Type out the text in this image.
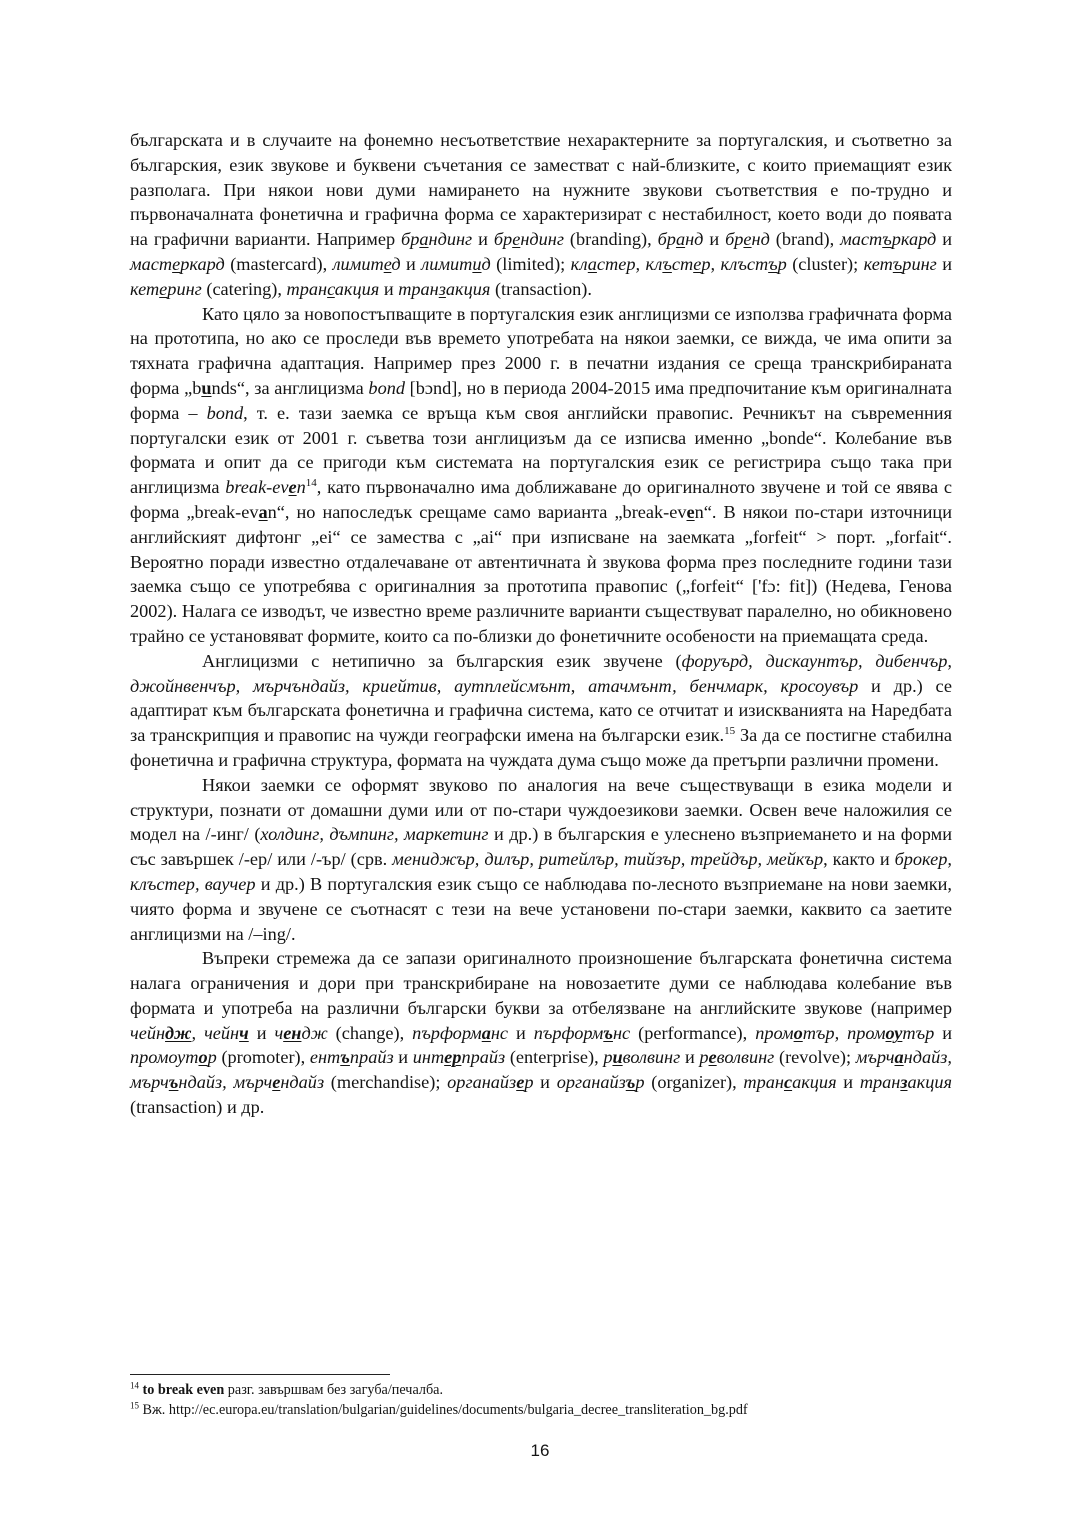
българската и в случаите на фонемно несъответствие нехарактерните за португалския, и съответно за българския, език звукове и буквени съчетания се заместват с най-близките, с които приемащият език разполага. При някои нови думи намирането на нужните звукови съответствия е по-трудно и първоначалната фонетична и графична форма се характеризират с нестабилност, което води до появата на графични варианти. Например брандинг и брендинг (branding), бранд и бренд (brand), мастъркард и мастеркард (mastercard), лимитед и лимитид (limited); кластер, клъстер, клъстър (cluster); кетъринг и кетеринг (catering), трансакция и транзакция (transaction).

Като цяло за новопостъпващите в португалския език англицизми се използва графичната форма на прототипа, но ако се проследи във времето употребата на някои заемки, се вижда, че има опити за тяхната графична адаптация. Например през 2000 г. в печатни издания се среща транскрибираната форма „bunds“, за англицизма bond [bɔnd], но в периода 2004-2015 има предпочитание към оригиналната форма – bond, т. е. тази заемка се връща към своя английски правопис. Речникът на съвременния португалски език от 2001 г. съветва този англицизъм да се изписва именно „bonde“. Колебание във формата и опит да се пригоди към системата на португалския език се регистрира също така при англицизма break-even$^{14}$, като първоначално има доближаване до оригиналното звучене и той се явява с форма „break-evan“, но напоследък срещаме само варианта „break-even“. В някои по-стари източници английският дифтонг „ei“ се замества с „ai“ при изписване на заемката „forfeit“ > порт. „forfait“. Вероятно поради известно отдалечаване от автентичната ѝ звукова форма през последните години тази заемка също се употребява с оригиналния за прототипа правопис („forfeit“ ['fɔ: fit]) (Недева, Генова 2002). Налага се изводът, че известно време различните варианти съществуват паралелно, но обикновено трайно се установяват формите, които са по-близки до фонетичните особености на приемащата среда.

Англицизми с нетипично за българския език звучене (форуърд, дискаунтър, дибенчър, джойнвенчър, мърчъндайз, криейтив, аутплейсмънт, атачмънт, бенчмарк, кросоувър и др.) се адаптират към българската фонетична и графична система, като се отчитат и изискванията на Наредбата за транскрипция и правопис на чужди географски имена на български език.$^{15}$ За да се постигне стабилна фонетична и графична структура, формата на чуждата дума също може да претърпи различни промени.

Някои заемки се оформят звуково по аналогия на вече съществуващи в езика модели и структури, познати от домашни думи или от по-стари чуждоезикови заемки. Освен вече наложилия се модел на /-инг/ (холдинг, дъмпинг, маркетинг и др.) в българския е улеснено възприемането и на форми със завършек /-ер/ или /-ър/ (срв. мениджър, дилър, ритейлър, тийзър, трейдър, мейкър, както и брокер, клъстер, ваучер и др.) В португалския език също се наблюдава по-лесното възприемане на нови заемки, чиято форма и звучене се съотнасят с тези на вече установени по-стари заемки, каквито са заетите англицизми на /–ing/.

Въпреки стремежа да се запази оригиналното произношение българската фонетична система налага ограничения и дори при транскрибиране на новозаетите думи се наблюдава колебание във формата и употреба на различни български букви за отбелязване на английските звукове (например чейндж, чейнч и чендж (change), пърформанс и пърформънс (performance), промотър, промоутър и промоутор (promoter), ентъпрайз и интерпрайз (enterprise), риволвинг и револвинг (revolve); мърчандайз, мърчъндайз, мърчендайз (merchandise); органайзер и органайзър (organizer), трансакция и транзакция (transaction) и др.

$^{14}$ to break even разг. завършвам без загуба/печалба.

$^{15}$ Вж. http://ec.europa.eu/translation/bulgarian/guidelines/documents/bulgaria_decree_transliteration_bg.pdf

16
